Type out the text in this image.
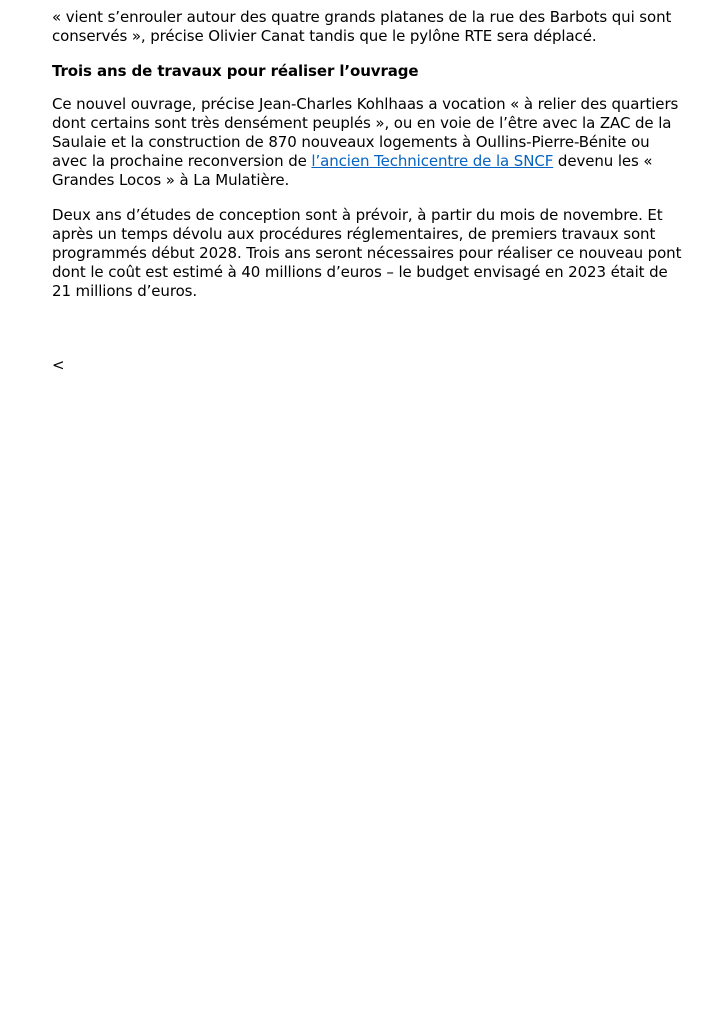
« vient s’enrouler autour des quatre grands platanes de la rue des Barbots qui sont conservés », précise Olivier Canat tandis que le pylône RTE sera déplacé.

Trois ans de travaux pour réaliser l’ouvrage

Ce nouvel ouvrage, précise Jean-Charles Kohlhaas a vocation « à relier des quartiers dont certains sont très densément peuplés », ou en voie de l’être avec la ZAC de la Saulaie et la construction de 870 nouveaux logements à Oullins-Pierre-Bénite ou avec la prochaine reconversion de l’ancien Technicentre de la SNCF devenu les « Grandes Locos » à La Mulatière.

Deux ans d’études de conception sont à prévoir, à partir du mois de novembre. Et après un temps dévolu aux procédures réglementaires, de premiers travaux sont programmés début 2028. Trois ans seront nécessaires pour réaliser ce nouveau pont dont le coût est estimé à 40 millions d’euros – le budget envisagé en 2023 était de 21 millions d’euros.

<
